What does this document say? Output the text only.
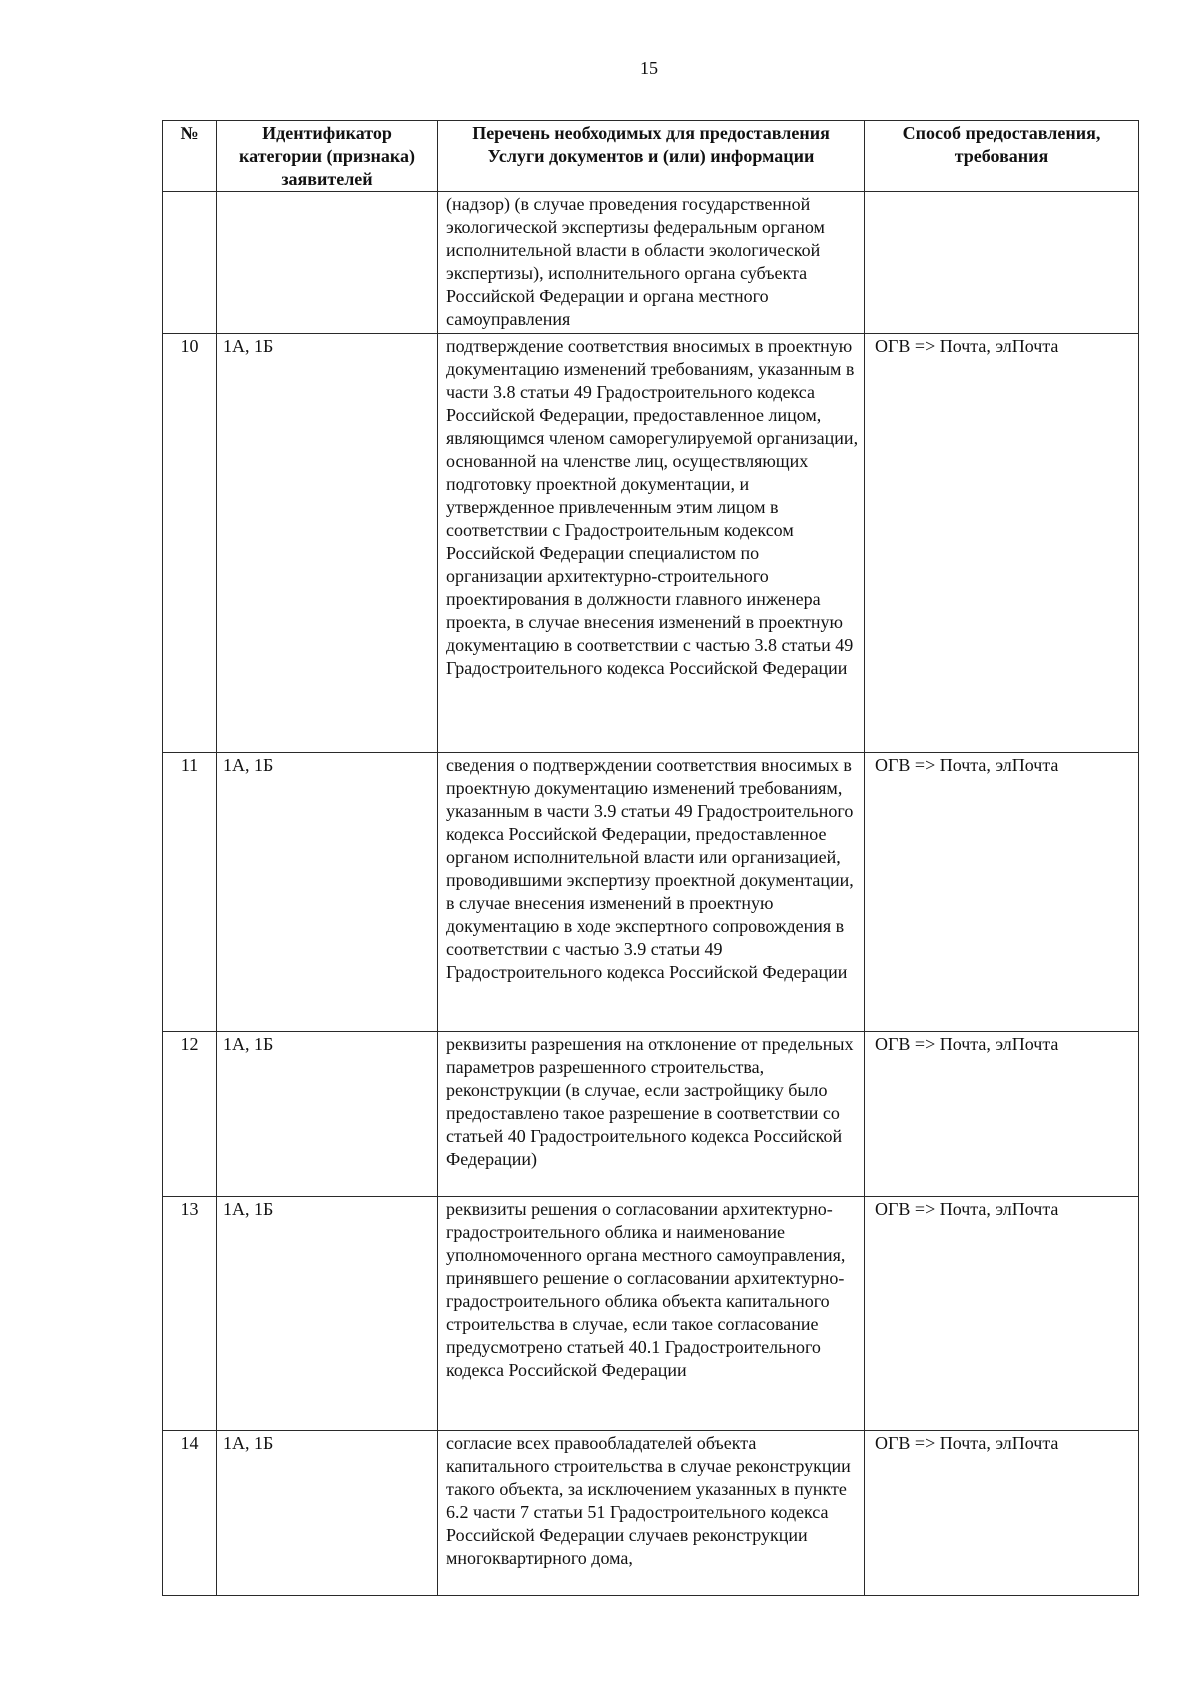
15
№	Идентификатор категории (признака) заявителей	Перечень необходимых для предоставления Услуги документов и (или) информации	Способ предоставления, требования
		(надзор) (в случае проведения государственной экологической экспертизы федеральным органом исполнительной власти в области экологической экспертизы), исполнительного органа субъекта Российской Федерации и органа местного самоуправления	
10	1А, 1Б	подтверждение соответствия вносимых в проектную документацию изменений требованиям, указанным в части 3.8 статьи 49 Градостроительного кодекса Российской Федерации, предоставленное лицом, являющимся членом саморегулируемой организации, основанной на членстве лиц, осуществляющих подготовку проектной документации, и утвержденное привлеченным этим лицом в соответствии с Градостроительным кодексом Российской Федерации специалистом по организации архитектурно-строительного проектирования в должности главного инженера проекта, в случае внесения изменений в проектную документацию в соответствии с частью 3.8 статьи 49 Градостроительного кодекса Российской Федерации	ОГВ => Почта, элПочта
11	1А, 1Б	сведения о подтверждении соответствия вносимых в проектную документацию изменений требованиям, указанным в части 3.9 статьи 49 Градостроительного кодекса Российской Федерации, предоставленное органом исполнительной власти или организацией, проводившими экспертизу проектной документации, в случае внесения изменений в проектную документацию в ходе экспертного сопровождения в соответствии с частью 3.9 статьи 49 Градостроительного кодекса Российской Федерации	ОГВ => Почта, элПочта
12	1А, 1Б	реквизиты разрешения на отклонение от предельных параметров разрешенного строительства, реконструкции (в случае, если застройщику было предоставлено такое разрешение в соответствии со статьей 40 Градостроительного кодекса Российской Федерации)	ОГВ => Почта, элПочта
13	1А, 1Б	реквизиты решения о согласовании архитектурно-градостроительного облика и наименование уполномоченного органа местного самоуправления, принявшего решение о согласовании архитектурно-градостроительного облика объекта капитального строительства в случае, если такое согласование предусмотрено статьей 40.1 Градостроительного кодекса Российской Федерации	ОГВ => Почта, элПочта
14	1А, 1Б	согласие всех правообладателей объекта капитального строительства в случае реконструкции такого объекта, за исключением указанных в пункте 6.2 части 7 статьи 51 Градостроительного кодекса Российской Федерации случаев реконструкции многоквартирного дома,	ОГВ => Почта, элПочта
